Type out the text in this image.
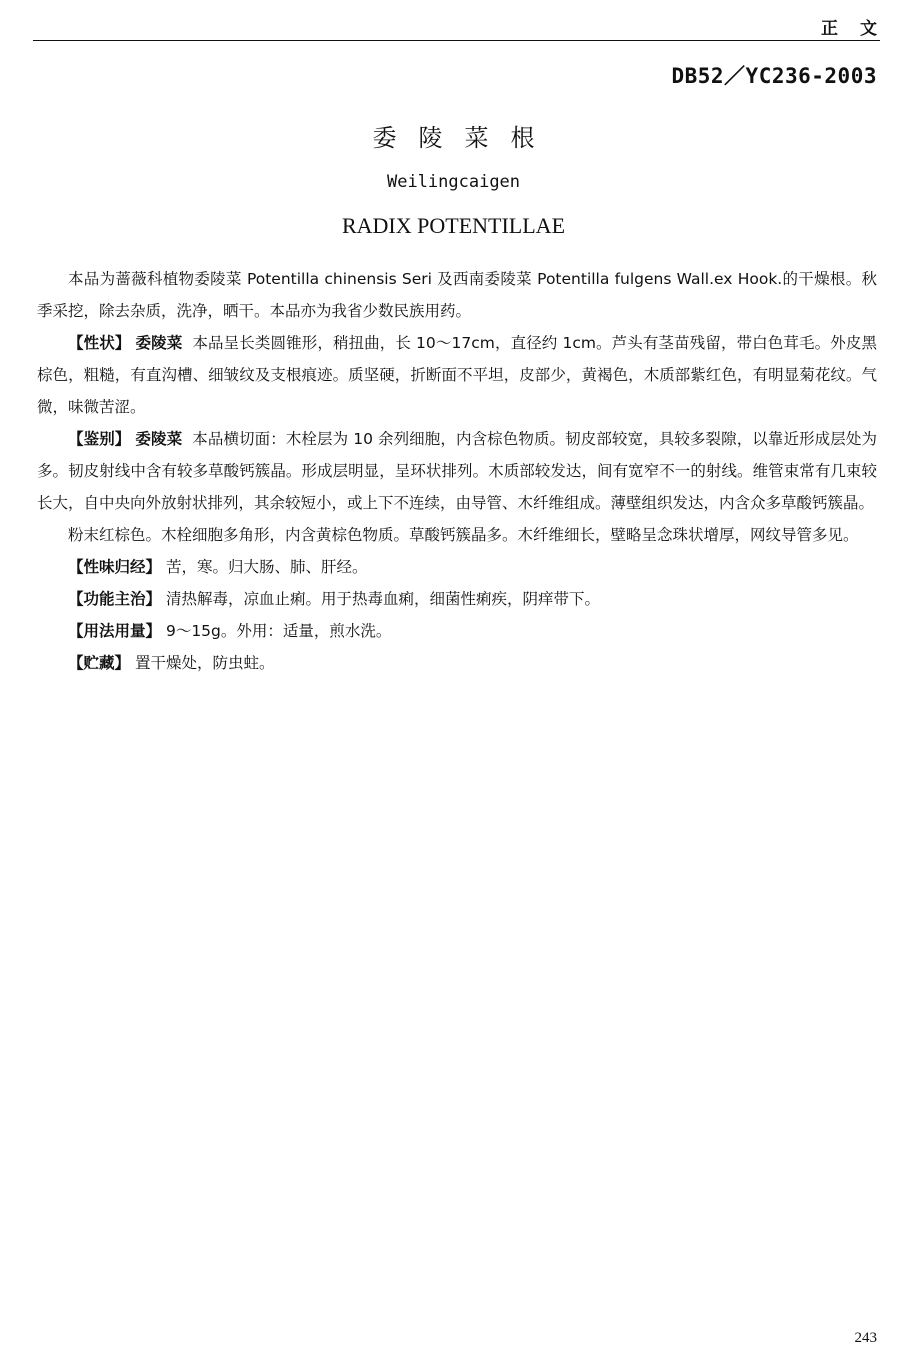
正文
DB52／YC236-2003
委陵菜根
Weilingcaigen
RADIX POTENTILLAE

本品为蔷薇科植物委陵菜 Potentilla chinensis Seri 及西南委陵菜 Potentilla fulgens Wall.ex Hook.的干燥根。秋季采挖，除去杂质，洗净，晒干。本品亦为我省少数民族用药。

【性状】 委陵菜 本品呈长类圆锥形，稍扭曲，长 10～17cm，直径约 1cm。芦头有茎苗残留，带白色茸毛。外皮黑棕色，粗糙，有直沟槽、细皱纹及支根痕迹。质坚硬，折断面不平坦，皮部少，黄褐色，木质部紫红色，有明显菊花纹。气微，味微苦涩。

【鉴别】 委陵菜 本品横切面：木栓层为 10 余列细胞，内含棕色物质。韧皮部较宽，具较多裂隙，以靠近形成层处为多。韧皮射线中含有较多草酸钙簇晶。形成层明显，呈环状排列。木质部较发达，间有宽窄不一的射线。维管束常有几束较长大，自中央向外放射状排列，其余较短小，或上下不连续，由导管、木纤维组成。薄壁组织发达，内含众多草酸钙簇晶。

粉末红棕色。木栓细胞多角形，内含黄棕色物质。草酸钙簇晶多。木纤维细长，壁略呈念珠状增厚，网纹导管多见。

【性味归经】 苦，寒。归大肠、肺、肝经。

【功能主治】 清热解毒，凉血止痢。用于热毒血痢，细菌性痢疾，阴痒带下。

【用法用量】 9～15g。外用：适量，煎水洗。

【贮藏】 置干燥处，防虫蛀。

243
